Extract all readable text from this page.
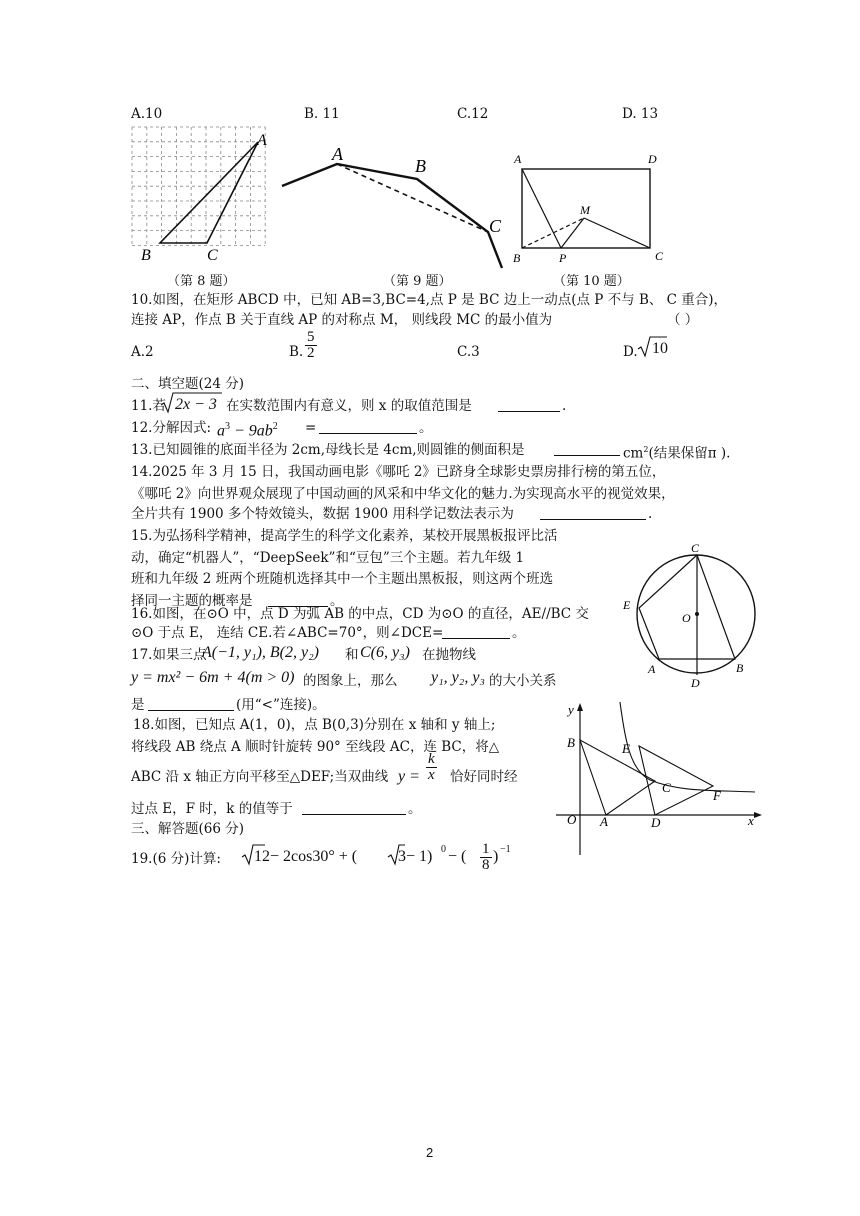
A.10	B. 11	C.12	D. 13
A
B	C
（第 8 题）
A
B
C
（第 9 题）
A	D
B	P	C
M
（第 10 题）
10.如图，在矩形 ABCD 中，已知 AB=3,BC=4,点 P 是 BC 边上一动点(点 P 不与 B、 C 重合)，
连接 AP，作点 B 关于直线 AP 的对称点 M， 则线段 MC 的最小值为	（ ）
A.2	B. $\frac{5}{2}$	C.3	D. 10
二、填空题(24 分)
11.若 2x − 3 在实数范围内有意义，则 x 的取值范围是	.
12.分解因式: $a^3 - 9ab^2$ =	。
13.已知圆锥的底面半径为 2cm,母线长是 4cm,则圆锥的侧面积是	$cm^2$(结果保留π ).
14.2025 年 3 月 15 日，我国动画电影《哪吒 2》已跻身全球影史票房排行榜的第五位，
《哪吒 2》向世界观众展现了中国动画的风采和中华文化的魅力.为实现高水平的视觉效果，
全片共有 1900 多个特效镜头，数据 1900 用科学记数法表示为	.
15.为弘扬科学精神，提高学生的科学文化素养，某校开展黑板报评比活
动，确定“机器人”，“DeepSeek”和“豆包”三个主题。若九年级 1
班和九年级 2 班两个班随机选择其中一个主题出黑板报，则这两个班选
择同一主题的概率是	。
C
E
O
A	B
D
16.如图，在⊙O 中，点 D 为弧 AB 的中点，CD 为⊙O 的直径，AE//BC 交
⊙O 于点 E， 连结 CE.若∠ABC=70°，则∠DCE=	。
17.如果三点
A(−1, y₁), B(2, y₂) 和 C(6, y₃) 在抛物线
y = mx² − 6m + 4(m > 0) 的图象上，那么 y₁, y₂, y₃ 的大小关系
是	(用“<”连接)。	y
x
B	E
C
F
O A	D
18.如图，已知点 A(1，0)，点 B(0,3)分别在 x 轴和 y 轴上;
将线段 AB 绕点 A 顺时针旋转 90° 至线段 AC，连 BC，将△
ABC 沿 x 轴正方向平移至△DEF;当双曲线 $y = \frac{k}{x}$ 恰好同时经
过点 E，F 时，k 的值等于	。
三、解答题(66 分)
19.(6 分)计算: 12 − 2cos30° + (	3 − 1) 0 − ( $\frac{1}{8}$ ) −1
2
